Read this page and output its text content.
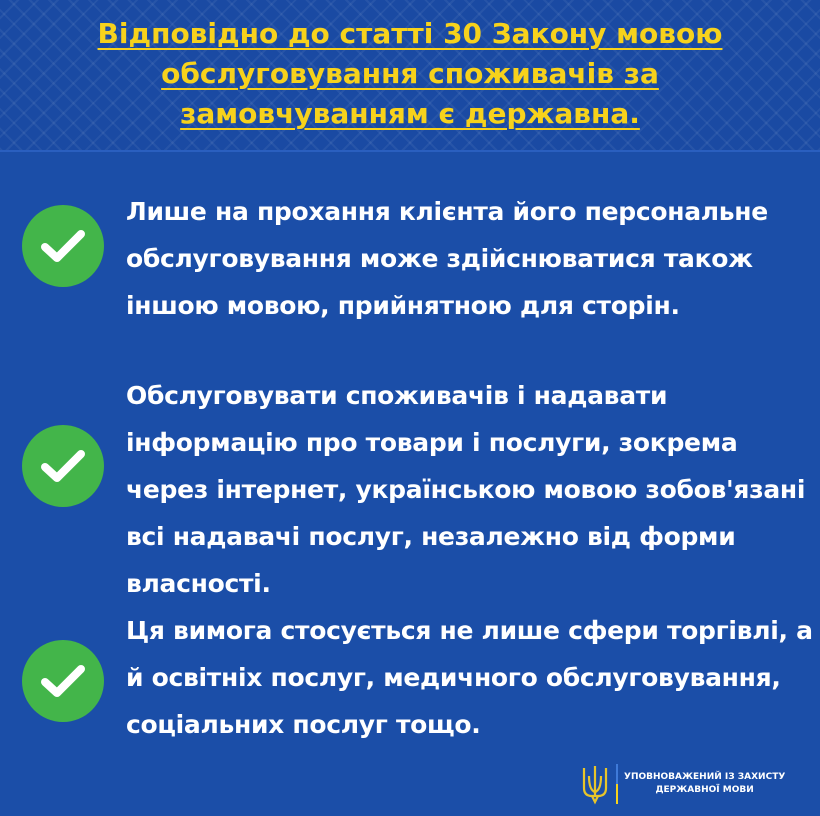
Відповідно до статті 30 Закону мовою обслуговування споживачів за замовчуванням є державна.
Лише на прохання клієнта його персональне обслуговування може здійснюватися також іншою мовою, прийнятною для сторін.
Обслуговувати споживачів і надавати інформацію про товари і послуги, зокрема через інтернет, українською мовою зобов'язані всі надавачі послуг, незалежно від форми власності.
Ця вимога стосується не лише сфери торгівлі, а й освітніх послуг, медичного обслуговування, соціальних послуг тощо.
УПОВНОВАЖЕНИЙ ІЗ ЗАХИСТУ
ДЕРЖАВНОЇ МОВИ
